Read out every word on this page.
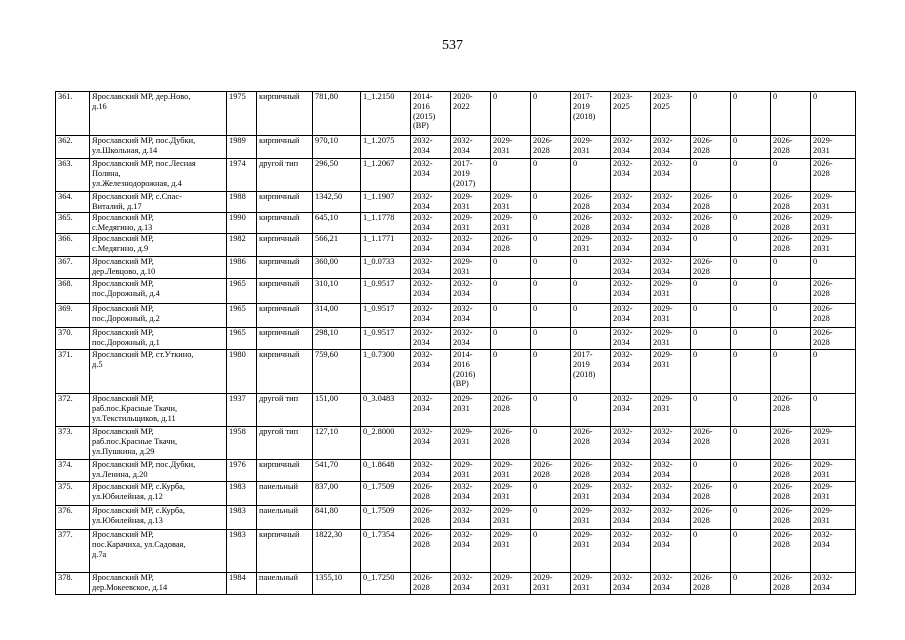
537
361.	Ярославский МР, дер.Ново,
д.16	1975	кирпичный	781,80	1_1.2150	2014-
2016
(2015)
(ВР)	2020-
2022	0	0	2017-
2019
(2018)	2023-
2025	2023-
2025	0	0	0	0
362.	Ярославский МР, пос.Дубки,
ул.Школьная, д.14	1989	кирпичный	970,10	1_1.2075	2032-
2034	2032-
2034	2029-
2031	2026-
2028	2029-
2031	2032-
2034	2032-
2034	2026-
2028	0	2026-
2028	2029-
2031
363.	Ярославский МР, пос.Лесная
Поляна,
ул.Железнодорожная, д.4	1974	другой тип	296,50	1_1.2067	2032-
2034	2017-
2019
(2017)	0	0	0	2032-
2034	2032-
2034	0	0	0	2026-
2028
364.	Ярославский МР, с.Спас-
Виталий, д.17	1988	кирпичный	1342,50	1_1.1907	2032-
2034	2029-
2031	2029-
2031	0	2026-
2028	2032-
2034	2032-
2034	2026-
2028	0	2026-
2028	2029-
2031
365.	Ярославский МР,
с.Медягино, д.13	1990	кирпичный	645,10	1_1.1778	2032-
2034	2029-
2031	2029-
2031	0	2026-
2028	2032-
2034	2032-
2034	2026-
2028	0	2026-
2028	2029-
2031
366.	Ярославский МР,
с.Медягино, д.9	1982	кирпичный	566,21	1_1.1771	2032-
2034	2032-
2034	2026-
2028	0	2029-
2031	2032-
2034	2032-
2034	0	0	2026-
2028	2029-
2031
367.	Ярославский МР,
дер.Левцово, д.10	1986	кирпичный	360,00	1_0.0733	2032-
2034	2029-
2031	0	0	0	2032-
2034	2032-
2034	2026-
2028	0	0	0
368.	Ярославский МР,
пос.Дорожный, д.4	1965	кирпичный	310,10	1_0.9517	2032-
2034	2032-
2034	0	0	0	2032-
2034	2029-
2031	0	0	0	2026-
2028
369.	Ярославский МР,
пос.Дорожный, д.2	1965	кирпичный	314,00	1_0.9517	2032-
2034	2032-
2034	0	0	0	2032-
2034	2029-
2031	0	0	0	2026-
2028
370.	Ярославский МР,
пос.Дорожный, д.1	1965	кирпичный	298,10	1_0.9517	2032-
2034	2032-
2034	0	0	0	2032-
2034	2029-
2031	0	0	0	2026-
2028
371.	Ярославский МР, ст.Уткино,
д.5	1980	кирпичный	759,60	1_0.7300	2032-
2034	2014-
2016
(2016)
(ВР)	0	0	2017-
2019
(2018)	2032-
2034	2029-
2031	0	0	0	0
372.	Ярославский МР,
раб.пос.Красные Ткачи,
ул.Текстильщиков, д.11	1937	другой тип	151,00	0_3.0483	2032-
2034	2029-
2031	2026-
2028	0	0	2032-
2034	2029-
2031	0	0	2026-
2028	0
373.	Ярославский МР,
раб.пос.Красные Ткачи,
ул.Пушкина, д.29	1958	другой тип	127,10	0_2.8000	2032-
2034	2029-
2031	2026-
2028	0	2026-
2028	2032-
2034	2032-
2034	2026-
2028	0	2026-
2028	2029-
2031
374.	Ярославский МР, пос.Дубки,
ул.Ленина, д.20	1976	кирпичный	541,70	0_1.8648	2032-
2034	2029-
2031	2029-
2031	2026-
2028	2026-
2028	2032-
2034	2032-
2034	0	0	2026-
2028	2029-
2031
375.	Ярославский МР, с.Курба,
ул.Юбилейная, д.12	1983	панельный	837,00	0_1.7509	2026-
2028	2032-
2034	2029-
2031	0	2029-
2031	2032-
2034	2032-
2034	2026-
2028	0	2026-
2028	2029-
2031
376.	Ярославский МР, с.Курба,
ул.Юбилейная, д.13	1983	панельный	841,80	0_1.7509	2026-
2028	2032-
2034	2029-
2031	0	2029-
2031	2032-
2034	2032-
2034	2026-
2028	0	2026-
2028	2029-
2031
377.	Ярославский МР,
пос.Карачиха, ул.Садовая,
д.7а	1983	кирпичный	1822,30	0_1.7354	2026-
2028	2032-
2034	2029-
2031	0	2029-
2031	2032-
2034	2032-
2034	0	0	2026-
2028	2032-
2034
378.	Ярославский МР,
дер.Мокеевское, д.14	1984	панельный	1355,10	0_1.7250	2026-
2028	2032-
2034	2029-
2031	2029-
2031	2029-
2031	2032-
2034	2032-
2034	2026-
2028	0	2026-
2028	2032-
2034
